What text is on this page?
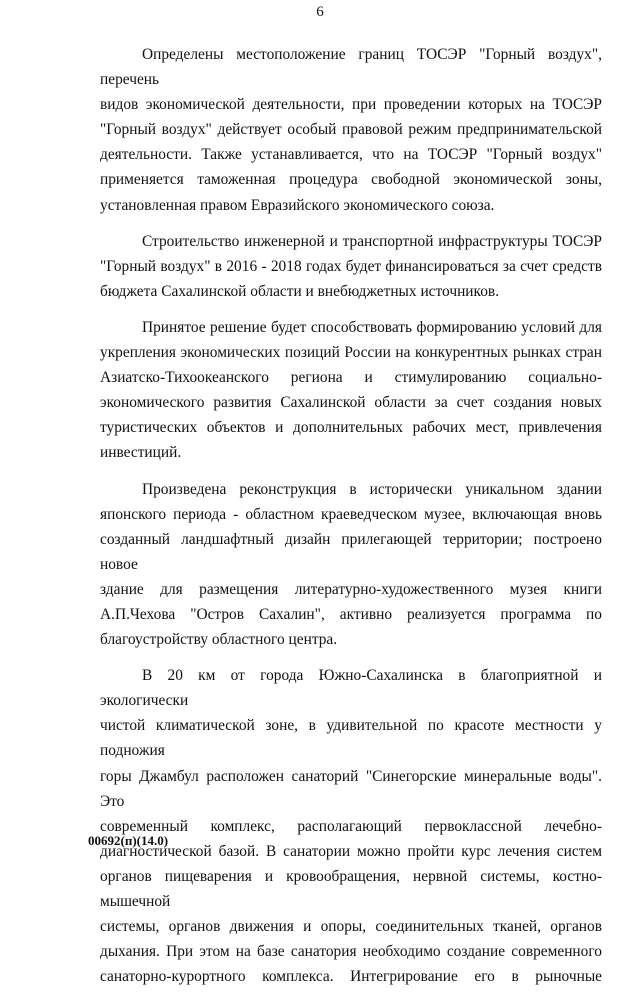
6

Определены местоположение границ ТОСЭР "Горный воздух", перечень
видов экономической деятельности, при проведении которых на ТОСЭР
"Горный воздух" действует особый правовой режим предпринимательской
деятельности. Также устанавливается, что на ТОСЭР "Горный воздух"
применяется таможенная процедура свободной экономической зоны,
установленная правом Евразийского экономического союза.

Строительство инженерной и транспортной инфраструктуры ТОСЭР
"Горный воздух" в 2016 - 2018 годах будет финансироваться за счет средств
бюджета Сахалинской области и внебюджетных источников.

Принятое решение будет способствовать формированию условий для
укрепления экономических позиций России на конкурентных рынках стран
Азиатско-Тихоокеанского региона и стимулированию социально-
экономического развития Сахалинской области за счет создания новых
туристических объектов и дополнительных рабочих мест, привлечения
инвестиций.

Произведена реконструкция в исторически уникальном здании
японского периода - областном краеведческом музее, включающая вновь
созданный ландшафтный дизайн прилегающей территории; построено новое
здание для размещения литературно-художественного музея книги
А.П.Чехова "Остров Сахалин", активно реализуется программа по
благоустройству областного центра.

В 20 км от города Южно-Сахалинска в благоприятной и экологически
чистой климатической зоне, в удивительной по красоте местности у подножия
горы Джамбул расположен санаторий "Синегорские минеральные воды". Это
современный комплекс, располагающий первоклассной лечебно-
диагностической базой. В санатории можно пройти курс лечения систем
органов пищеварения и кровообращения, нервной системы, костно-мышечной
системы, органов движения и опоры, соединительных тканей, органов
дыхания. При этом на базе санатория необходимо создание современного
санаторно-курортного комплекса. Интегрирование его в рыночные

00692(п)(14.0)
